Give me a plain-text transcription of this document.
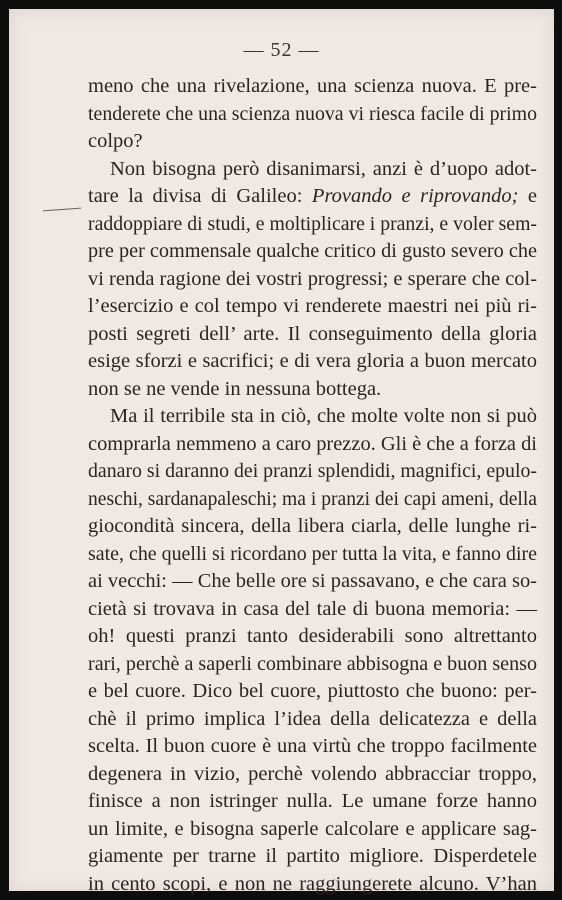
— 52 —
meno che una rivelazione, una scienza nuova. E pre-
tenderete che una scienza nuova vi riesca facile di primo
colpo?
Non bisogna però disanimarsi, anzi è d’uopo adot-
tare la divisa di Galileo: Provando e riprovando; e
raddoppiare di studi, e moltiplicare i pranzi, e voler sem-
pre per commensale qualche critico di gusto severo che
vi renda ragione dei vostri progressi; e sperare che col-
l’esercizio e col tempo vi renderete maestri nei più ri-
posti segreti dell’ arte. Il conseguimento della gloria
esige sforzi e sacrifici; e di vera gloria a buon mercato
non se ne vende in nessuna bottega.
Ma il terribile sta in ciò, che molte volte non si può
comprarla nemmeno a caro prezzo. Gli è che a forza di
danaro si daranno dei pranzi splendidi, magnifici, epulo-
neschi, sardanapaleschi; ma i pranzi dei capi ameni, della
giocondità sincera, della libera ciarla, delle lunghe ri-
sate, che quelli si ricordano per tutta la vita, e fanno dire
ai vecchi: — Che belle ore si passavano, e che cara so-
cietà si trovava in casa del tale di buona memoria: —
oh! questi pranzi tanto desiderabili sono altrettanto
rari, perchè a saperli combinare abbisogna e buon senso
e bel cuore. Dico bel cuore, piuttosto che buono: per-
chè il primo implica l’idea della delicatezza e della
scelta. Il buon cuore è una virtù che troppo facilmente
degenera in vizio, perchè volendo abbracciar troppo,
finisce a non istringer nulla. Le umane forze hanno
un limite, e bisogna saperle calcolare e applicare sag-
giamente per trarne il partito migliore. Disperdetele
in cento scopi, e non ne raggiungerete alcuno. V’han
